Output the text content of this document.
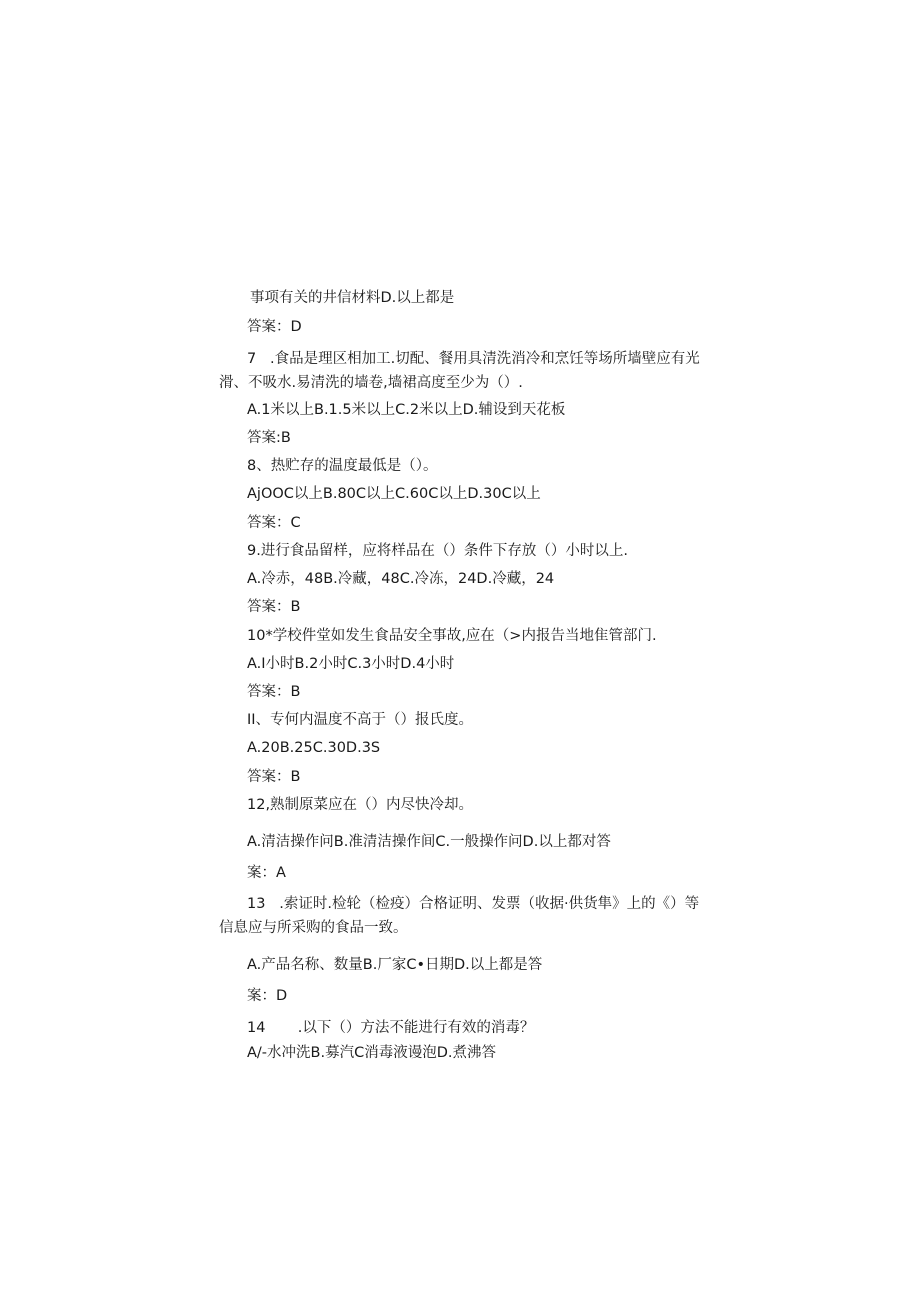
事项有关的井信材料D.以上都是
答案：D
7   .食品是理区相加工.切配、餐用具清洗消冷和烹饪等场所墙壁应有光
滑、不吸水.易清洗的墙卷,墙裙高度至少为（）.
A.1米以上B.1.5米以上C.2米以上D.辅设到天花板
答案:B
8、热贮存的温度最低是（）。
AjOOC以上B.80C以上C.60C以上D.30C以上
答案：C
9.进行食品留样，应将样品在（）条件下存放（）小时以上.
A.冷赤，48B.冷藏，48C.冷冻，24D.冷藏，24
答案：B
10*学校件堂如发生食品安全事故,应在（>内报告当地隹管部门.
A.I小时B.2小时C.3小时D.4小时
答案：B
II、专何内温度不高于（）报氏度。
A.20B.25C.30D.3S
答案：B
12,熟制原菜应在（）内尽快冷却。
A.清洁操作问B.准清洁操作间C.一般操作问D.以上都对答
案：A
13   .索证时.检轮（检疫）合格证明、发票（收据·供货隼》上的《）等
信息应与所采购的食品一致。
A.产品名称、数量B.厂家C•日期D.以上都是答
案：D
14       .以下（）方法不能进行有效的消毒？
A/-水冲洗B.募汽C消毒液谩泡D.煮沸答
